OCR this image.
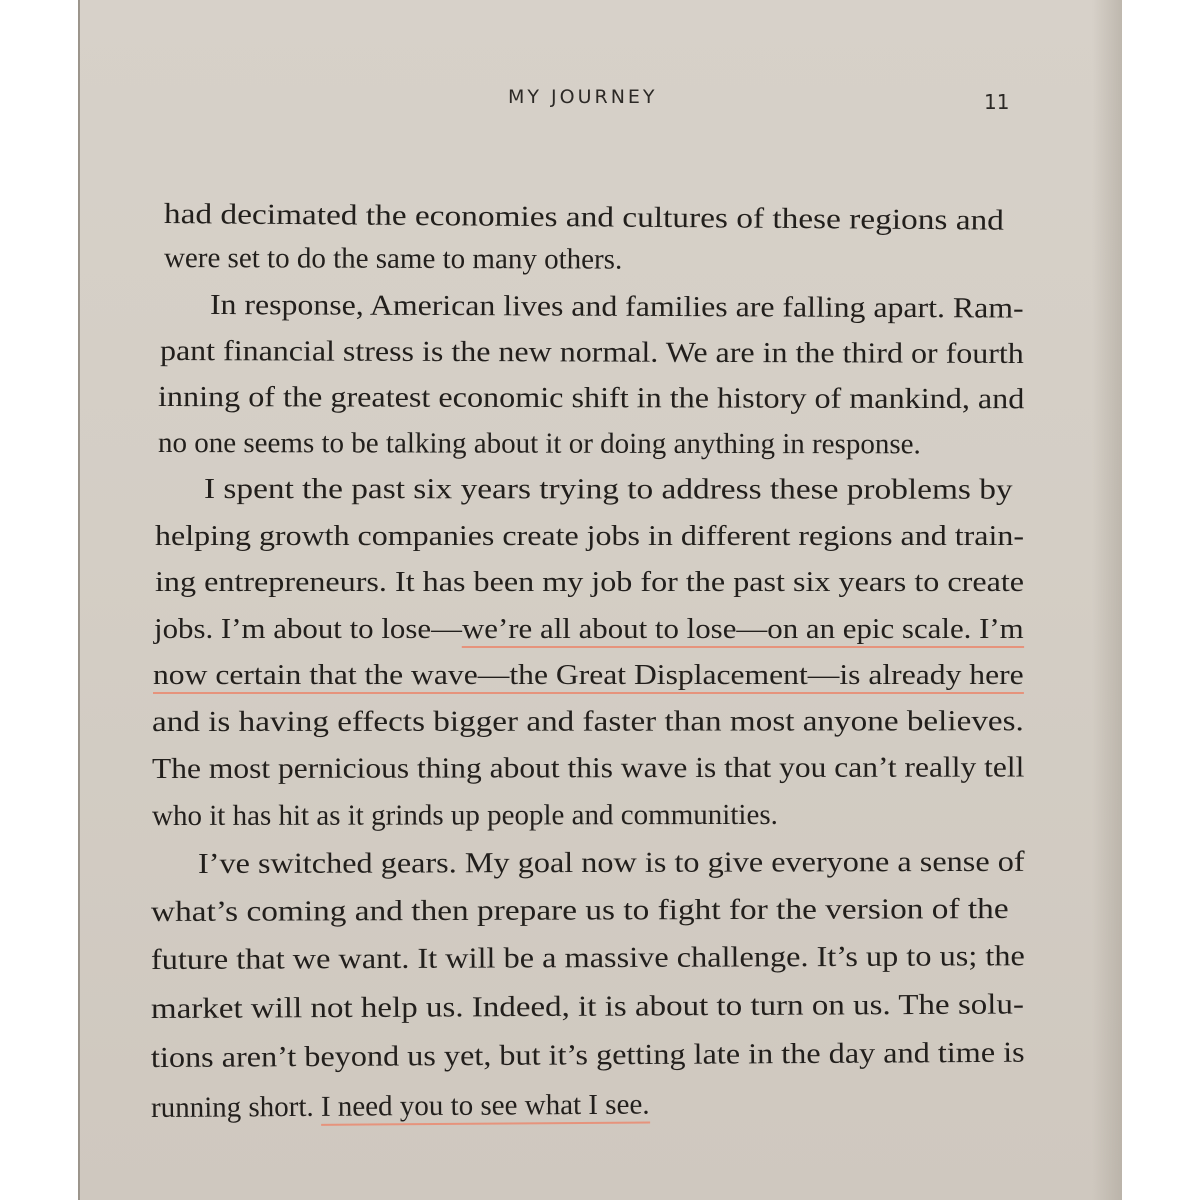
MY JOURNEY	11
had decimated the economies and cultures of these regions and
were set to do the same to many others.
In response, American lives and families are falling apart. Ram-
pant financial stress is the new normal. We are in the third or fourth
inning of the greatest economic shift in the history of mankind, and
no one seems to be talking about it or doing anything in response.
I spent the past six years trying to address these problems by
helping growth companies create jobs in different regions and train-
ing entrepreneurs. It has been my job for the past six years to create
jobs. I’m about to lose—we’re all about to lose—on an epic scale. I’m
now certain that the wave—the Great Displacement—is already here
and is having effects bigger and faster than most anyone believes.
The most pernicious thing about this wave is that you can’t really tell
who it has hit as it grinds up people and communities.
I’ve switched gears. My goal now is to give everyone a sense of
what’s coming and then prepare us to fight for the version of the
future that we want. It will be a massive challenge. It’s up to us; the
market will not help us. Indeed, it is about to turn on us. The solu-
tions aren’t beyond us yet, but it’s getting late in the day and time is
running short. I need you to see what I see.
